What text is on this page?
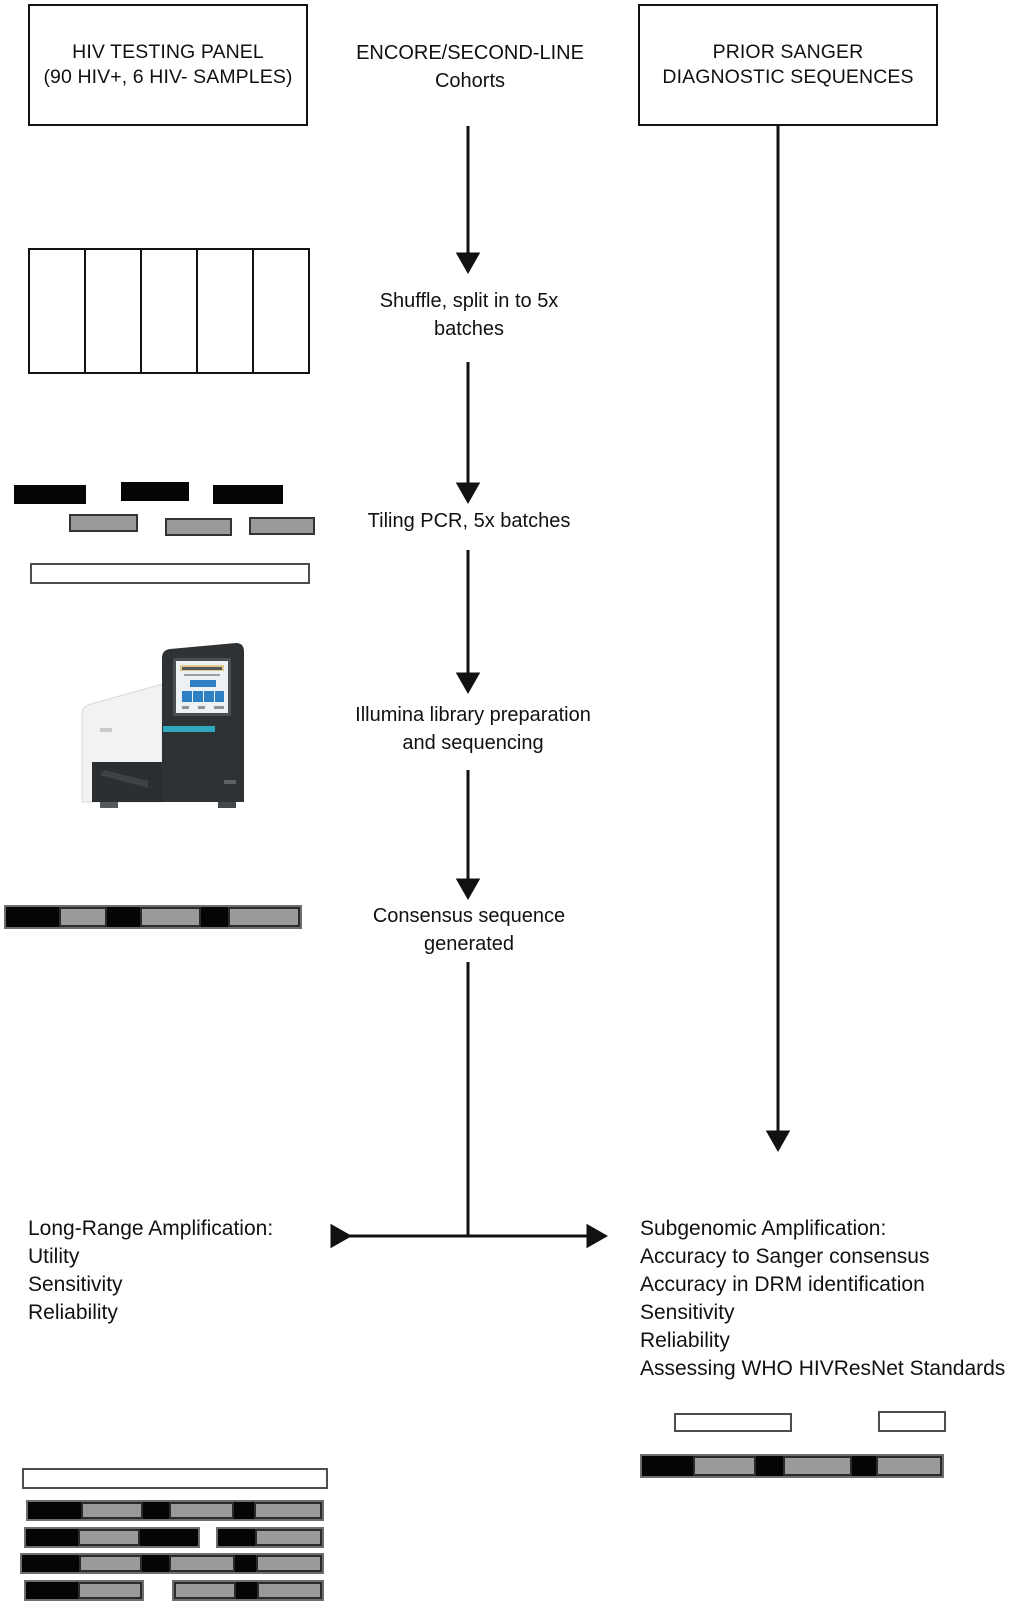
HIV TESTING PANEL
(90 HIV+, 6 HIV- SAMPLES)
ENCORE/SECOND-LINE
Cohorts
PRIOR SANGER
DIAGNOSTIC SEQUENCES
Shuffle, split in to 5x
batches
Tiling PCR, 5x batches
Illumina library preparation
and sequencing
Consensus sequence
generated
Long-Range Amplification:
Utility
Sensitivity
Reliability
Subgenomic Amplification:
Accuracy to Sanger consensus
Accuracy in DRM identification
Sensitivity
Reliability
Assessing WHO HIVResNet Standards
